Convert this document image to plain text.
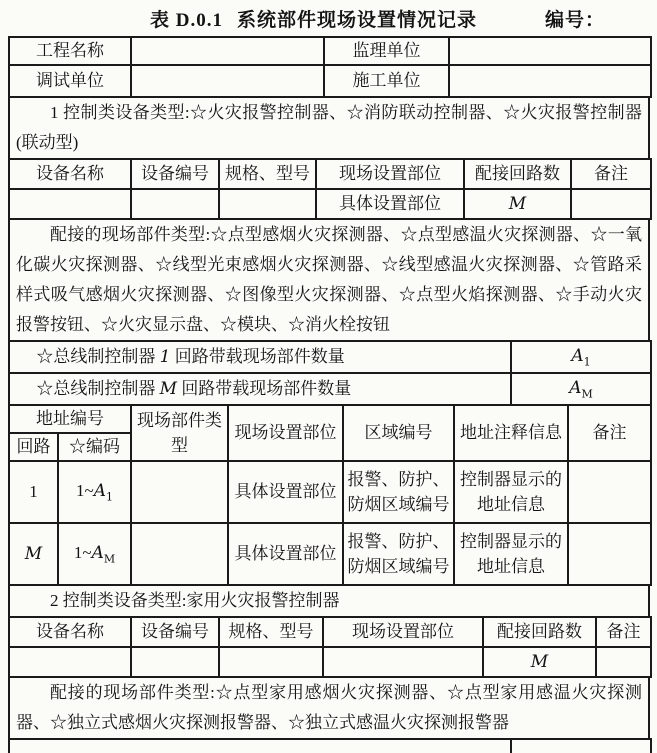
表 D.0.1 系统部件现场设置情况记录	编号：
工程名称		监理单位	
调试单位		施工单位	
1 控制类设备类型:☆火灾报警控制器、☆消防联动控制器、☆火灾报警控制器(联动型)
设备名称	设备编号	规格、型号	现场设置部位	配接回路数	备注
			具体设置部位	M	
配接的现场部件类型:☆点型感烟火灾探测器、☆点型感温火灾探测器、☆一氧化碳火灾探测器、☆线型光束感烟火灾探测器、☆线型感温火灾探测器、☆管路采样式吸气感烟火灾探测器、☆图像型火灾探测器、☆点型火焰探测器、☆手动火灾报警按钮、☆火灾显示盘、☆模块、☆消火栓按钮
☆总线制控制器 1 回路带载现场部件数量	$A_1$
☆总线制控制器 M 回路带载现场部件数量	$A_M$
地址编号		现场部件类型	现场设置部位	区域编号	地址注释信息	备注
回路	☆编码					
1	$1\sim A_1$		具体设置部位	报警、防护、防烟区域编号	控制器显示的地址信息	
M	$1\sim A_M$		具体设置部位	报警、防护、防烟区域编号	控制器显示的地址信息	
2 控制类设备类型:家用火灾报警控制器
设备名称	设备编号	规格、型号	现场设置部位	配接回路数	备注
				M	
配接的现场部件类型:☆点型家用感烟火灾探测器、☆点型家用感温火灾探测器、☆独立式感烟火灾探测报警器、☆独立式感温火灾探测报警器
